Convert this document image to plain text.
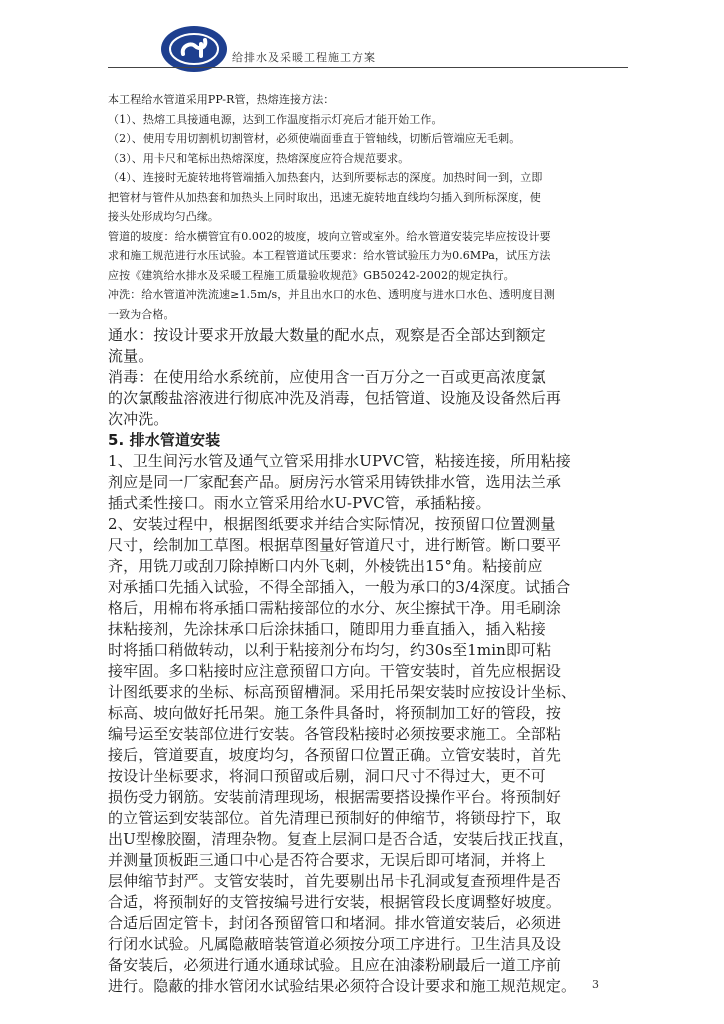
给排水及采暖工程施工方案

本工程给水管道采用PP-R管，热熔连接方法：

（1）、热熔工具接通电源，达到工作温度指示灯亮后才能开始工作。

（2）、使用专用切割机切割管材，必须使端面垂直于管轴线，切断后管端应无毛刺。

（3）、用卡尺和笔标出热熔深度，热熔深度应符合规范要求。

（4）、连接时无旋转地将管端插入加热套内，达到所要标志的深度。加热时间一到，立即

把管材与管件从加热套和加热头上同时取出，迅速无旋转地直线均匀插入到所标深度，使

接头处形成均匀凸缘。

管道的坡度：给水横管宜有0.002的坡度，坡向立管或室外。给水管道安装完毕应按设计要

求和施工规范进行水压试验。本工程管道试压要求：给水管试验压力为0.6MPa，试压方法

应按《建筑给水排水及采暖工程施工质量验收规范》GB50242-2002的规定执行。

冲洗：给水管道冲洗流速≥1.5m/s，并且出水口的水色、透明度与进水口水色、透明度目测

一致为合格。

通水：按设计要求开放最大数量的配水点，观察是否全部达到额定

流量。

消毒：在使用给水系统前，应使用含一百万分之一百或更高浓度氯

的次氯酸盐溶液进行彻底冲洗及消毒，包括管道、设施及设备然后再

次冲洗。

5. 排水管道安装

1、卫生间污水管及通气立管采用排水UPVC管，粘接连接，所用粘接

剂应是同一厂家配套产品。厨房污水管采用铸铁排水管，选用法兰承

插式柔性接口。雨水立管采用给水U-PVC管，承插粘接。

2、安装过程中，根据图纸要求并结合实际情况，按预留口位置测量

尺寸，绘制加工草图。根据草图量好管道尺寸，进行断管。断口要平

齐，用铣刀或刮刀除掉断口内外飞刺，外棱铣出15°角。粘接前应

对承插口先插入试验，不得全部插入，一般为承口的3/4深度。试插合

格后，用棉布将承插口需粘接部位的水分、灰尘擦拭干净。用毛刷涂

抹粘接剂，先涂抹承口后涂抹插口，随即用力垂直插入，插入粘接

时将插口稍做转动，以利于粘接剂分布均匀，约30s至1min即可粘

接牢固。多口粘接时应注意预留口方向。干管安装时，首先应根据设

计图纸要求的坐标、标高预留槽洞。采用托吊架安装时应按设计坐标、

标高、坡向做好托吊架。施工条件具备时，将预制加工好的管段，按

编号运至安装部位进行安装。各管段粘接时必须按要求施工。全部粘

接后，管道要直，坡度均匀，各预留口位置正确。立管安装时，首先

按设计坐标要求，将洞口预留或后剔，洞口尺寸不得过大，更不可

损伤受力钢筋。安装前清理现场，根据需要搭设操作平台。将预制好

的立管运到安装部位。首先清理已预制好的伸缩节，将锁母拧下，取

出U型橡胶圈，清理杂物。复查上层洞口是否合适，安装后找正找直，

并测量顶板距三通口中心是否符合要求，无误后即可堵洞，并将上

层伸缩节封严。支管安装时，首先要剔出吊卡孔洞或复查预埋件是否

合适，将预制好的支管按编号进行安装，根据管段长度调整好坡度。

合适后固定管卡，封闭各预留管口和堵洞。排水管道安装后，必须进

行闭水试验。凡属隐蔽暗装管道必须按分项工序进行。卫生洁具及设

备安装后，必须进行通水通球试验。且应在油漆粉刷最后一道工序前

进行。隐蔽的排水管闭水试验结果必须符合设计要求和施工规范规定。	3
